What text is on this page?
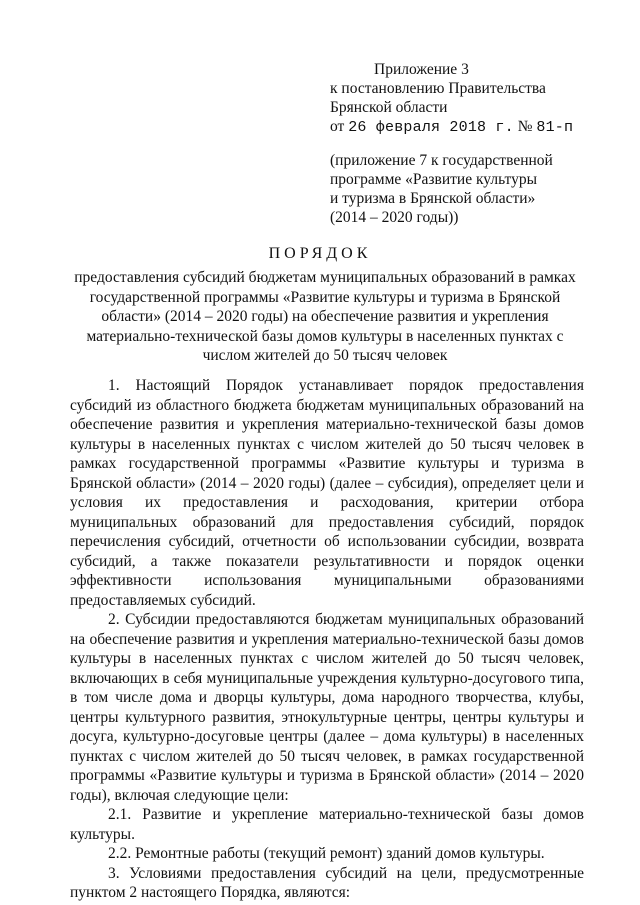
Приложение 3
к постановлению Правительства
Брянской области
от 26 февраля 2018 г. № 81-п
(приложение 7 к государственной
программе «Развитие культуры
и туризма в Брянской области»
(2014 – 2020 годы))
ПОРЯДОК
предоставления субсидий бюджетам муниципальных образований в рамках государственной программы «Развитие культуры и туризма в Брянской области» (2014 – 2020 годы) на обеспечение развития и укрепления материально-технической базы домов культуры в населенных пунктах с числом жителей до 50 тысяч человек

1. Настоящий Порядок устанавливает порядок предоставления субсидий из областного бюджета бюджетам муниципальных образований на обеспечение развития и укрепления материально-технической базы домов культуры в населенных пунктах с числом жителей до 50 тысяч человек в рамках государственной программы «Развитие культуры и туризма в Брянской области» (2014 – 2020 годы) (далее – субсидия), определяет цели и условия их предоставления и расходования, критерии отбора муниципальных образований для предоставления субсидий, порядок перечисления субсидий, отчетности об использовании субсидии, возврата субсидий, а также показатели результативности и порядок оценки эффективности использования муниципальными образованиями предоставляемых субсидий.

2. Субсидии предоставляются бюджетам муниципальных образований на обеспечение развития и укрепления материально-технической базы домов культуры в населенных пунктах с числом жителей до 50 тысяч человек, включающих в себя муниципальные учреждения культурно-досугового типа, в том числе дома и дворцы культуры, дома народного творчества, клубы, центры культурного развития, этнокультурные центры, центры культуры и досуга, культурно-досуговые центры (далее – дома культуры) в населенных пунктах с числом жителей до 50 тысяч человек, в рамках государственной программы «Развитие культуры и туризма в Брянской области» (2014 – 2020 годы), включая следующие цели:

2.1. Развитие и укрепление материально-технической базы домов культуры.

2.2. Ремонтные работы (текущий ремонт) зданий домов культуры.

3. Условиями предоставления субсидий на цели, предусмотренные пунктом 2 настоящего Порядка, являются:
